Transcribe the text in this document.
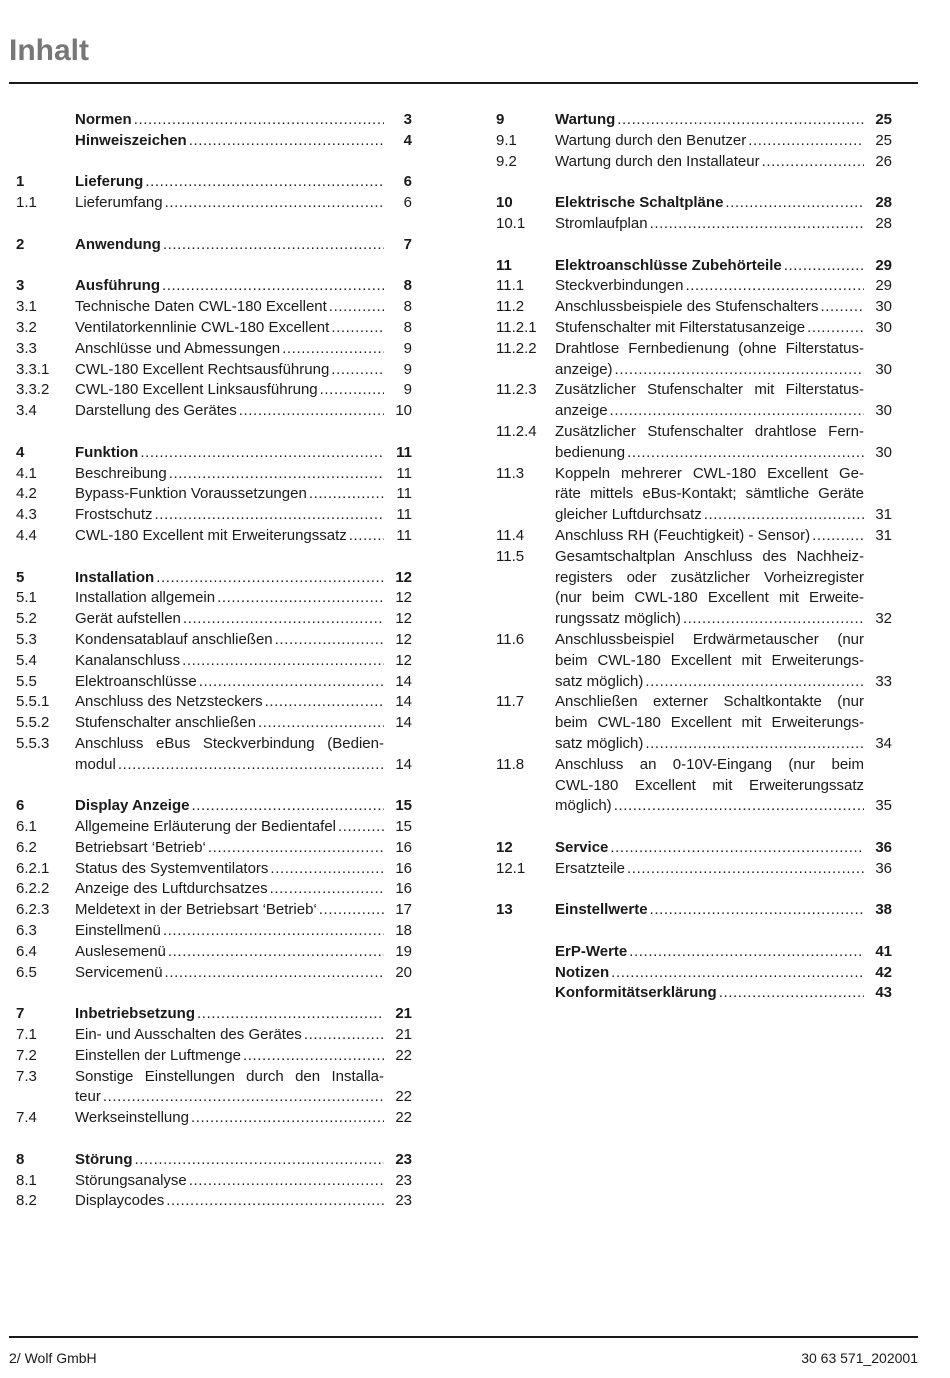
Inhalt
Normen .....	3
Hinweiszeichen .....	4
1	Lieferung .....	6
1.1	Lieferumfang .....	6
2	Anwendung .....	7
3	Ausführung .....	8
3.1	Technische Daten CWL-180 Excellent .....	8
3.2	Ventilatorkennlinie CWL-180 Excellent .....	8
3.3	Anschlüsse und Abmessungen .....	9
3.3.1	CWL-180 Excellent Rechtsausführung .....	9
3.3.2	CWL-180 Excellent Linksausführung .....	9
3.4	Darstellung des Gerätes .....	10
4	Funktion .....	11
4.1	Beschreibung .....	11
4.2	Bypass-Funktion Voraussetzungen .....	11
4.3	Frostschutz .....	11
4.4	CWL-180 Excellent mit Erweiterungssatz .....	11
5	Installation .....	12
5.1	Installation allgemein .....	12
5.2	Gerät aufstellen .....	12
5.3	Kondensatablauf anschließen .....	12
5.4	Kanalanschluss .....	12
5.5	Elektroanschlüsse .....	14
5.5.1	Anschluss des Netzsteckers .....	14
5.5.2	Stufenschalter anschließen .....	14
5.5.3	Anschluss eBus Steckverbindung (Bedien-
modul .....	14
6	Display Anzeige .....	15
6.1	Allgemeine Erläuterung der Bedientafel .....	15
6.2	Betriebsart ‘Betrieb‘ .....	16
6.2.1	Status des Systemventilators .....	16
6.2.2	Anzeige des Luftdurchsatzes .....	16
6.2.3	Meldetext in der Betriebsart ‘Betrieb‘ .....	17
6.3	Einstellmenü .....	18
6.4	Auslesemenü .....	19
6.5	Servicemenü .....	20
7	Inbetriebsetzung .....	21
7.1	Ein- und Ausschalten des Gerätes .....	21
7.2	Einstellen der Luftmenge .....	22
7.3	Sonstige Einstellungen durch den Installa-
teur .....	22
7.4	Werkseinstellung .....	22
8	Störung .....	23
8.1	Störungsanalyse .....	23
8.2	Displaycodes .....	23
9	Wartung .....	25
9.1	Wartung durch den Benutzer .....	25
9.2	Wartung durch den Installateur .....	26
10	Elektrische Schaltpläne .....	28
10.1	Stromlaufplan .....	28
11	Elektroanschlüsse Zubehörteile .....	29
11.1	Steckverbindungen .....	29
11.2	Anschlussbeispiele des Stufenschalters .....	30
11.2.1	Stufenschalter mit Filterstatusanzeige .....	30
11.2.2	Drahtlose Fernbedienung (ohne Filterstatus-
anzeige) .....	30
11.2.3	Zusätzlicher Stufenschalter mit Filterstatus-
anzeige .....	30
11.2.4	Zusätzlicher Stufenschalter drahtlose Fern-
bedienung .....	30
11.3	Koppeln mehrerer CWL-180 Excellent Ge-
räte mittels eBus-Kontakt; sämtliche Geräte
gleicher Luftdurchsatz .....	31
11.4	Anschluss RH (Feuchtigkeit) - Sensor) .....	31
11.5	Gesamtschaltplan Anschluss des Nachheiz-
registers oder zusätzlicher Vorheizregister
(nur beim CWL-180 Excellent mit Erweite-
rungssatz möglich) .....	32
11.6	Anschlussbeispiel Erdwärmetauscher (nur
beim CWL-180 Excellent mit Erweiterungs-
satz möglich) .....	33
11.7	Anschließen externer Schaltkontakte (nur
beim CWL-180 Excellent mit Erweiterungs-
satz möglich) .....	34
11.8	Anschluss an 0-10V-Eingang (nur beim
CWL-180 Excellent mit Erweiterungssatz
möglich) .....	35
12	Service .....	36
12.1	Ersatzteile .....	36
13	Einstellwerte .....	38
ErP-Werte .....	41
Notizen .....	42
Konformitätserklärung .....	43
2/ Wolf GmbH	30 63 571_202001
